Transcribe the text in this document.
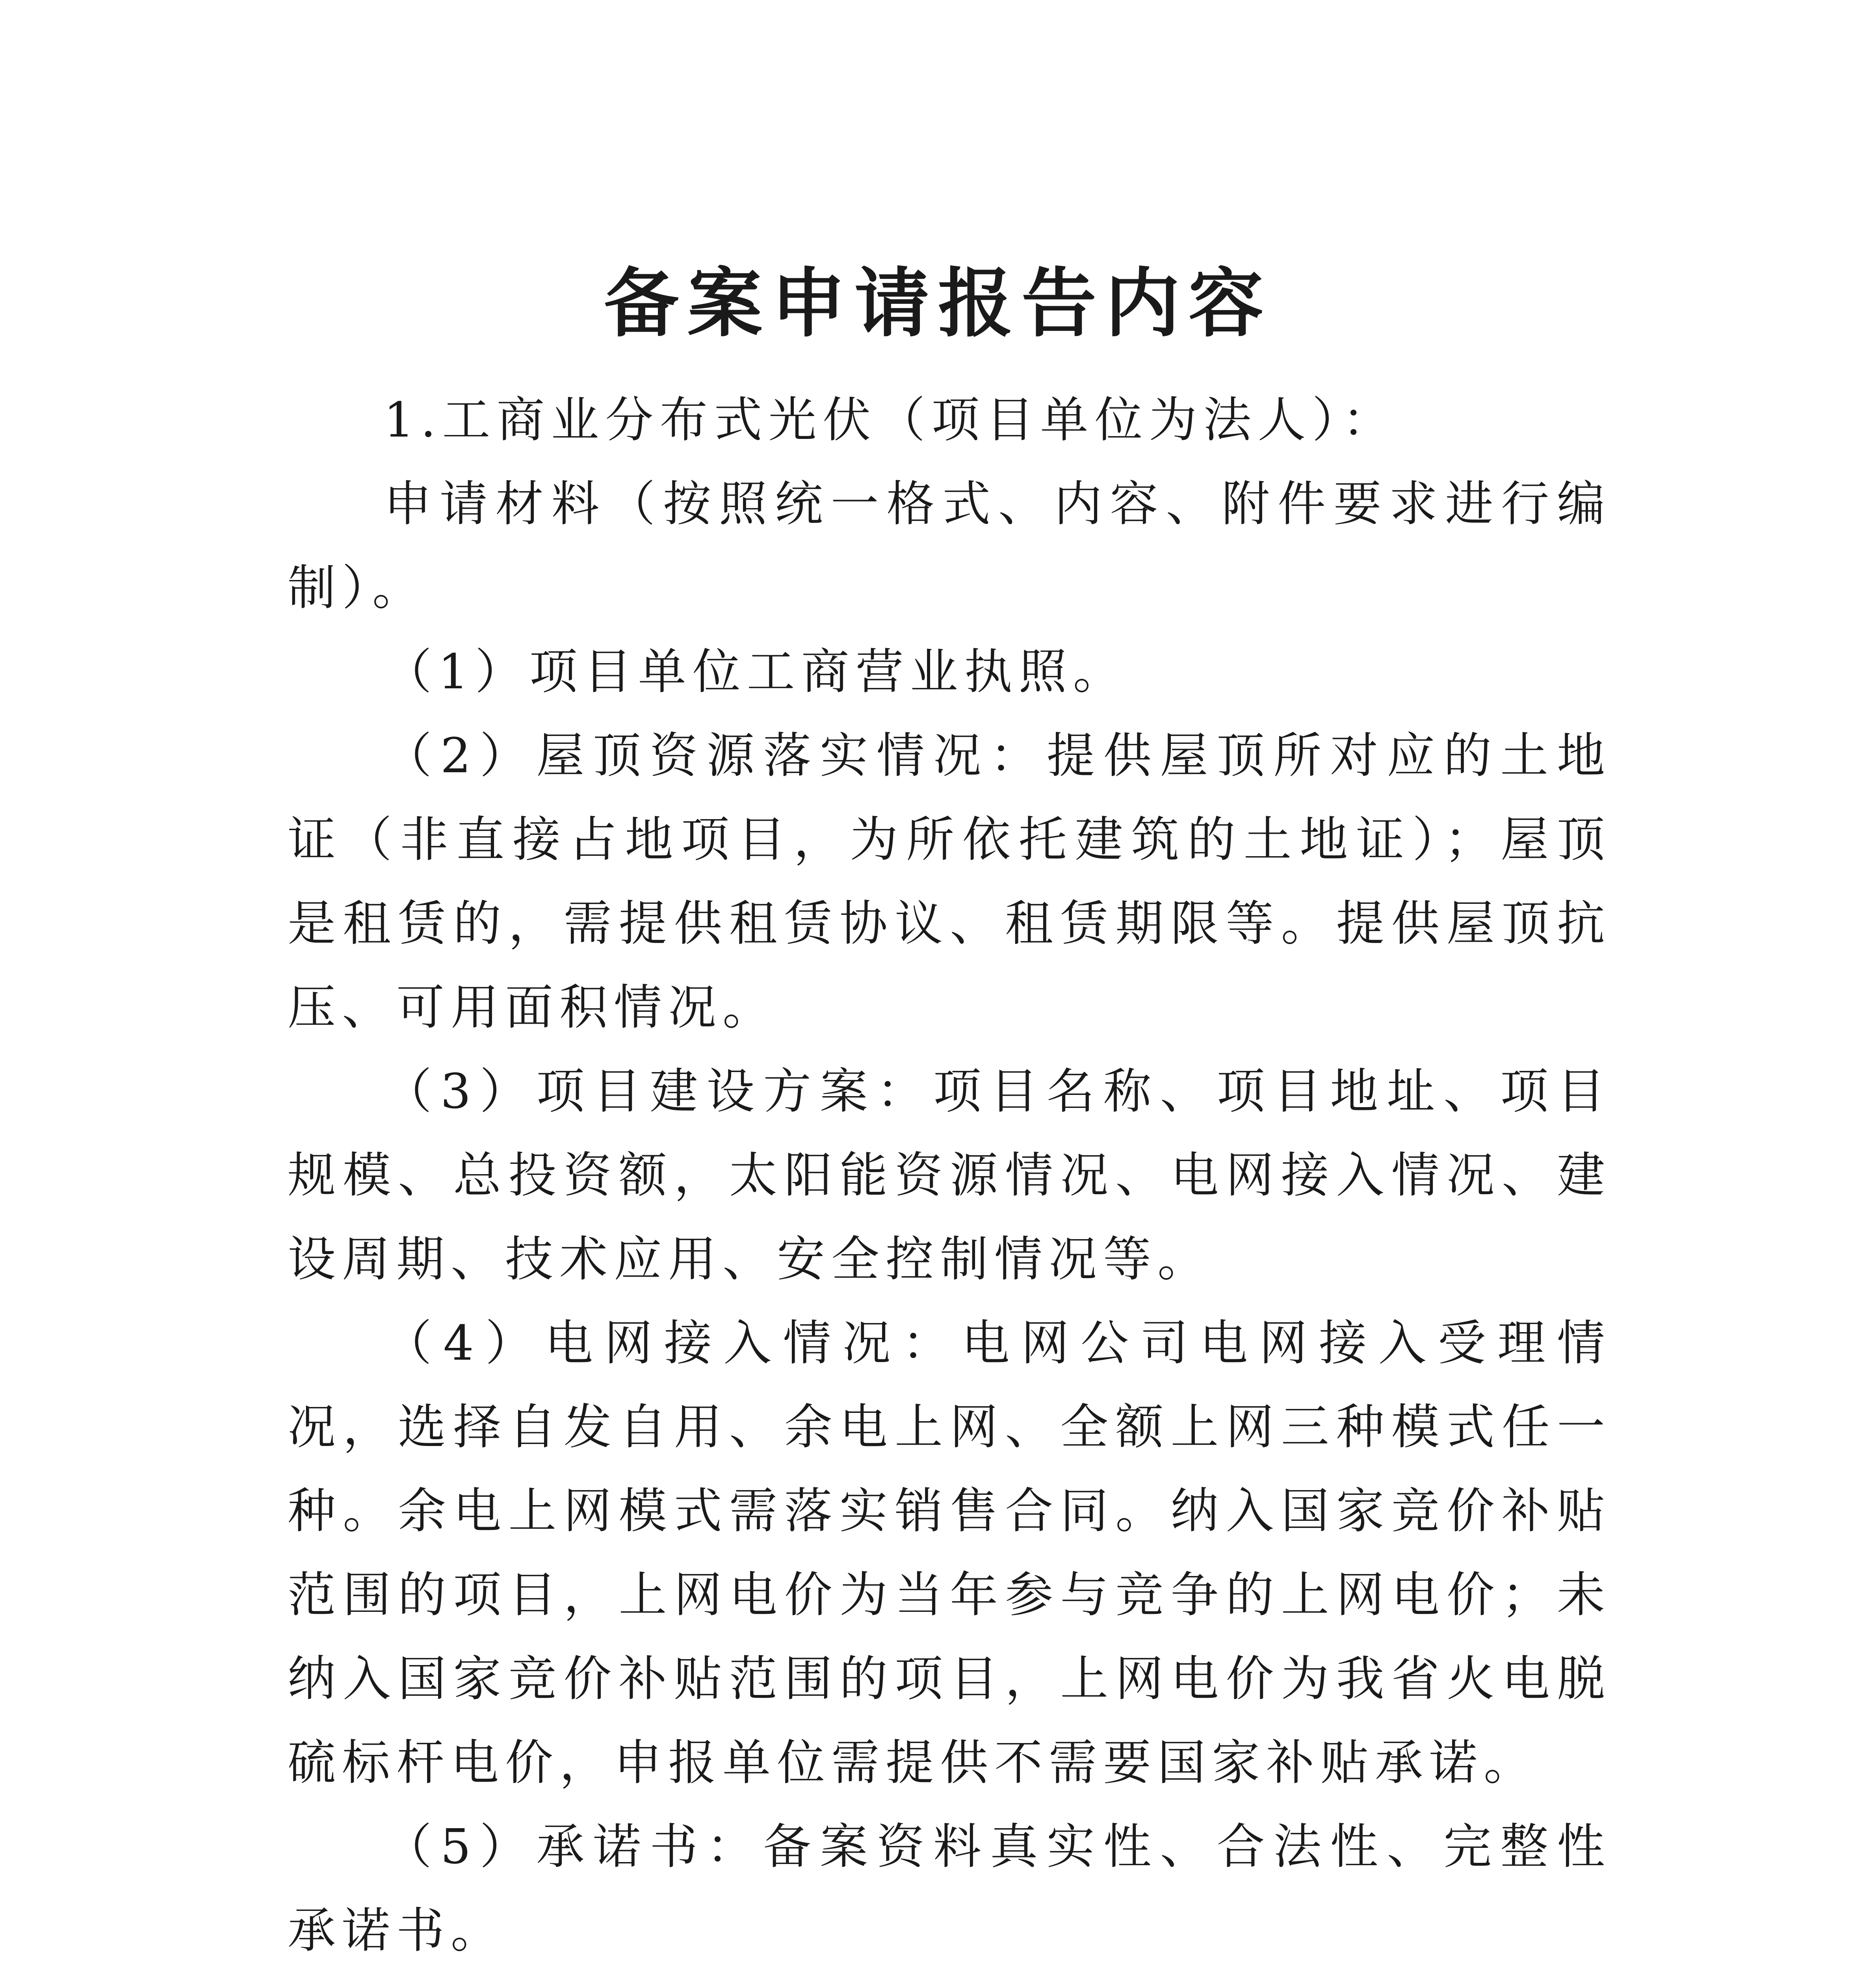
备案申请报告内容

1.工商业分布式光伏（项目单位为法人）：

申请材料（按照统一格式、内容、附件要求进行编制）。

（1）项目单位工商营业执照。

（2）屋顶资源落实情况：提供屋顶所对应的土地证（非直接占地项目，为所依托建筑的土地证）；屋顶是租赁的，需提供租赁协议、租赁期限等。提供屋顶抗压、可用面积情况。

（3）项目建设方案：项目名称、项目地址、项目规模、总投资额，太阳能资源情况、电网接入情况、建设周期、技术应用、安全控制情况等。

（4）电网接入情况：电网公司电网接入受理情况，选择自发自用、余电上网、全额上网三种模式任一种。余电上网模式需落实销售合同。纳入国家竞价补贴范围的项目，上网电价为当年参与竞争的上网电价；未纳入国家竞价补贴范围的项目，上网电价为我省火电脱硫标杆电价，申报单位需提供不需要国家补贴承诺。

（5）承诺书：备案资料真实性、合法性、完整性承诺书。
